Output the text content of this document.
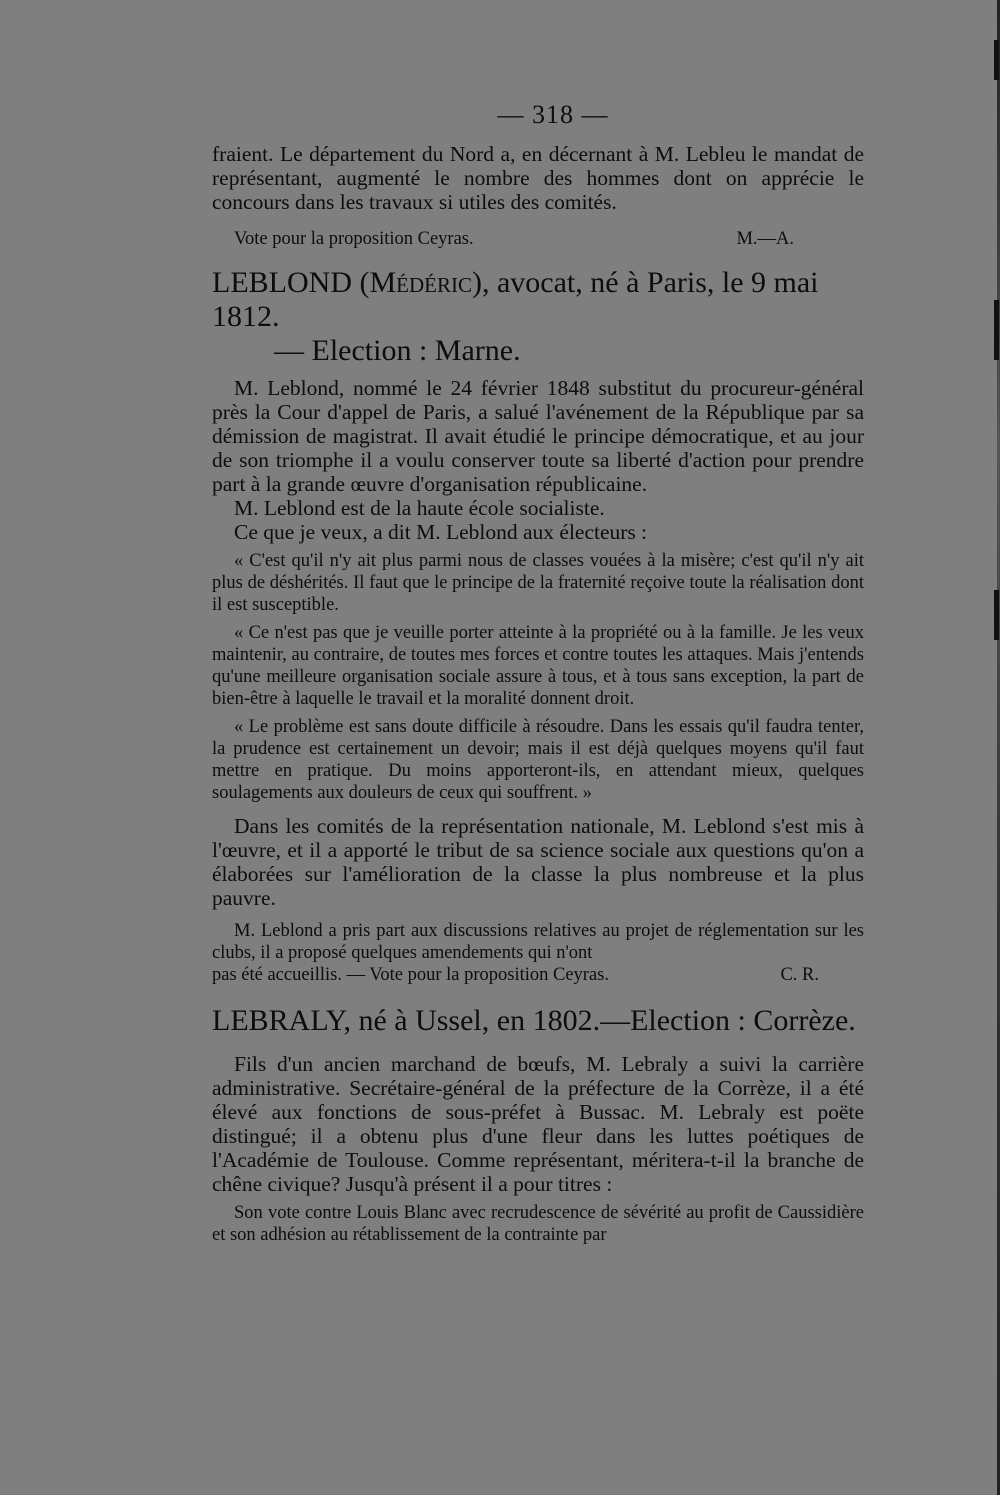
— 318 —

fraient. Le département du Nord a, en décernant à M. Lebleu le mandat de représentant, augmenté le nombre des hommes dont on apprécie le concours dans les travaux si utiles des comités.

Vote pour la proposition Ceyras.	M.—A.
LEBLOND (Médéric), avocat, né à Paris, le 9 mai 1812.
— Election : Marne.

M. Leblond, nommé le 24 février 1848 substitut du procureur-général près la Cour d'appel de Paris, a salué l'avénement de la République par sa démission de magistrat. Il avait étudié le principe démocratique, et au jour de son triomphe il a voulu conserver toute sa liberté d'action pour prendre part à la grande œuvre d'organisation républicaine.

M. Leblond est de la haute école socialiste.

Ce que je veux, a dit M. Leblond aux électeurs :

« C'est qu'il n'y ait plus parmi nous de classes vouées à la misère; c'est qu'il n'y ait plus de déshérités. Il faut que le principe de la fraternité reçoive toute la réalisation dont il est susceptible.

« Ce n'est pas que je veuille porter atteinte à la propriété ou à la famille. Je les veux maintenir, au contraire, de toutes mes forces et contre toutes les attaques. Mais j'entends qu'une meilleure organisation sociale assure à tous, et à tous sans exception, la part de bien-être à laquelle le travail et la moralité donnent droit.

« Le problème est sans doute difficile à résoudre. Dans les essais qu'il faudra tenter, la prudence est certainement un devoir; mais il est déjà quelques moyens qu'il faut mettre en pratique. Du moins apporteront-ils, en attendant mieux, quelques soulagements aux douleurs de ceux qui souffrent. »

Dans les comités de la représentation nationale, M. Leblond s'est mis à l'œuvre, et il a apporté le tribut de sa science sociale aux questions qu'on a élaborées sur l'amélioration de la classe la plus nombreuse et la plus pauvre.

M. Leblond a pris part aux discussions relatives au projet de réglementation sur les clubs, il a proposé quelques amendements qui n'ont

pas été accueillis. — Vote pour la proposition Ceyras.	C. R.
LEBRALY, né à Ussel, en 1802.—Election : Corrèze.

Fils d'un ancien marchand de bœufs, M. Lebraly a suivi la carrière administrative. Secrétaire-général de la préfecture de la Corrèze, il a été élevé aux fonctions de sous-préfet à Bussac. M. Lebraly est poëte distingué; il a obtenu plus d'une fleur dans les luttes poétiques de l'Académie de Toulouse. Comme représentant, méritera-t-il la branche de chêne civique? Jusqu'à présent il a pour titres :

Son vote contre Louis Blanc avec recrudescence de sévérité au profit de Caussidière et son adhésion au rétablissement de la contrainte par
